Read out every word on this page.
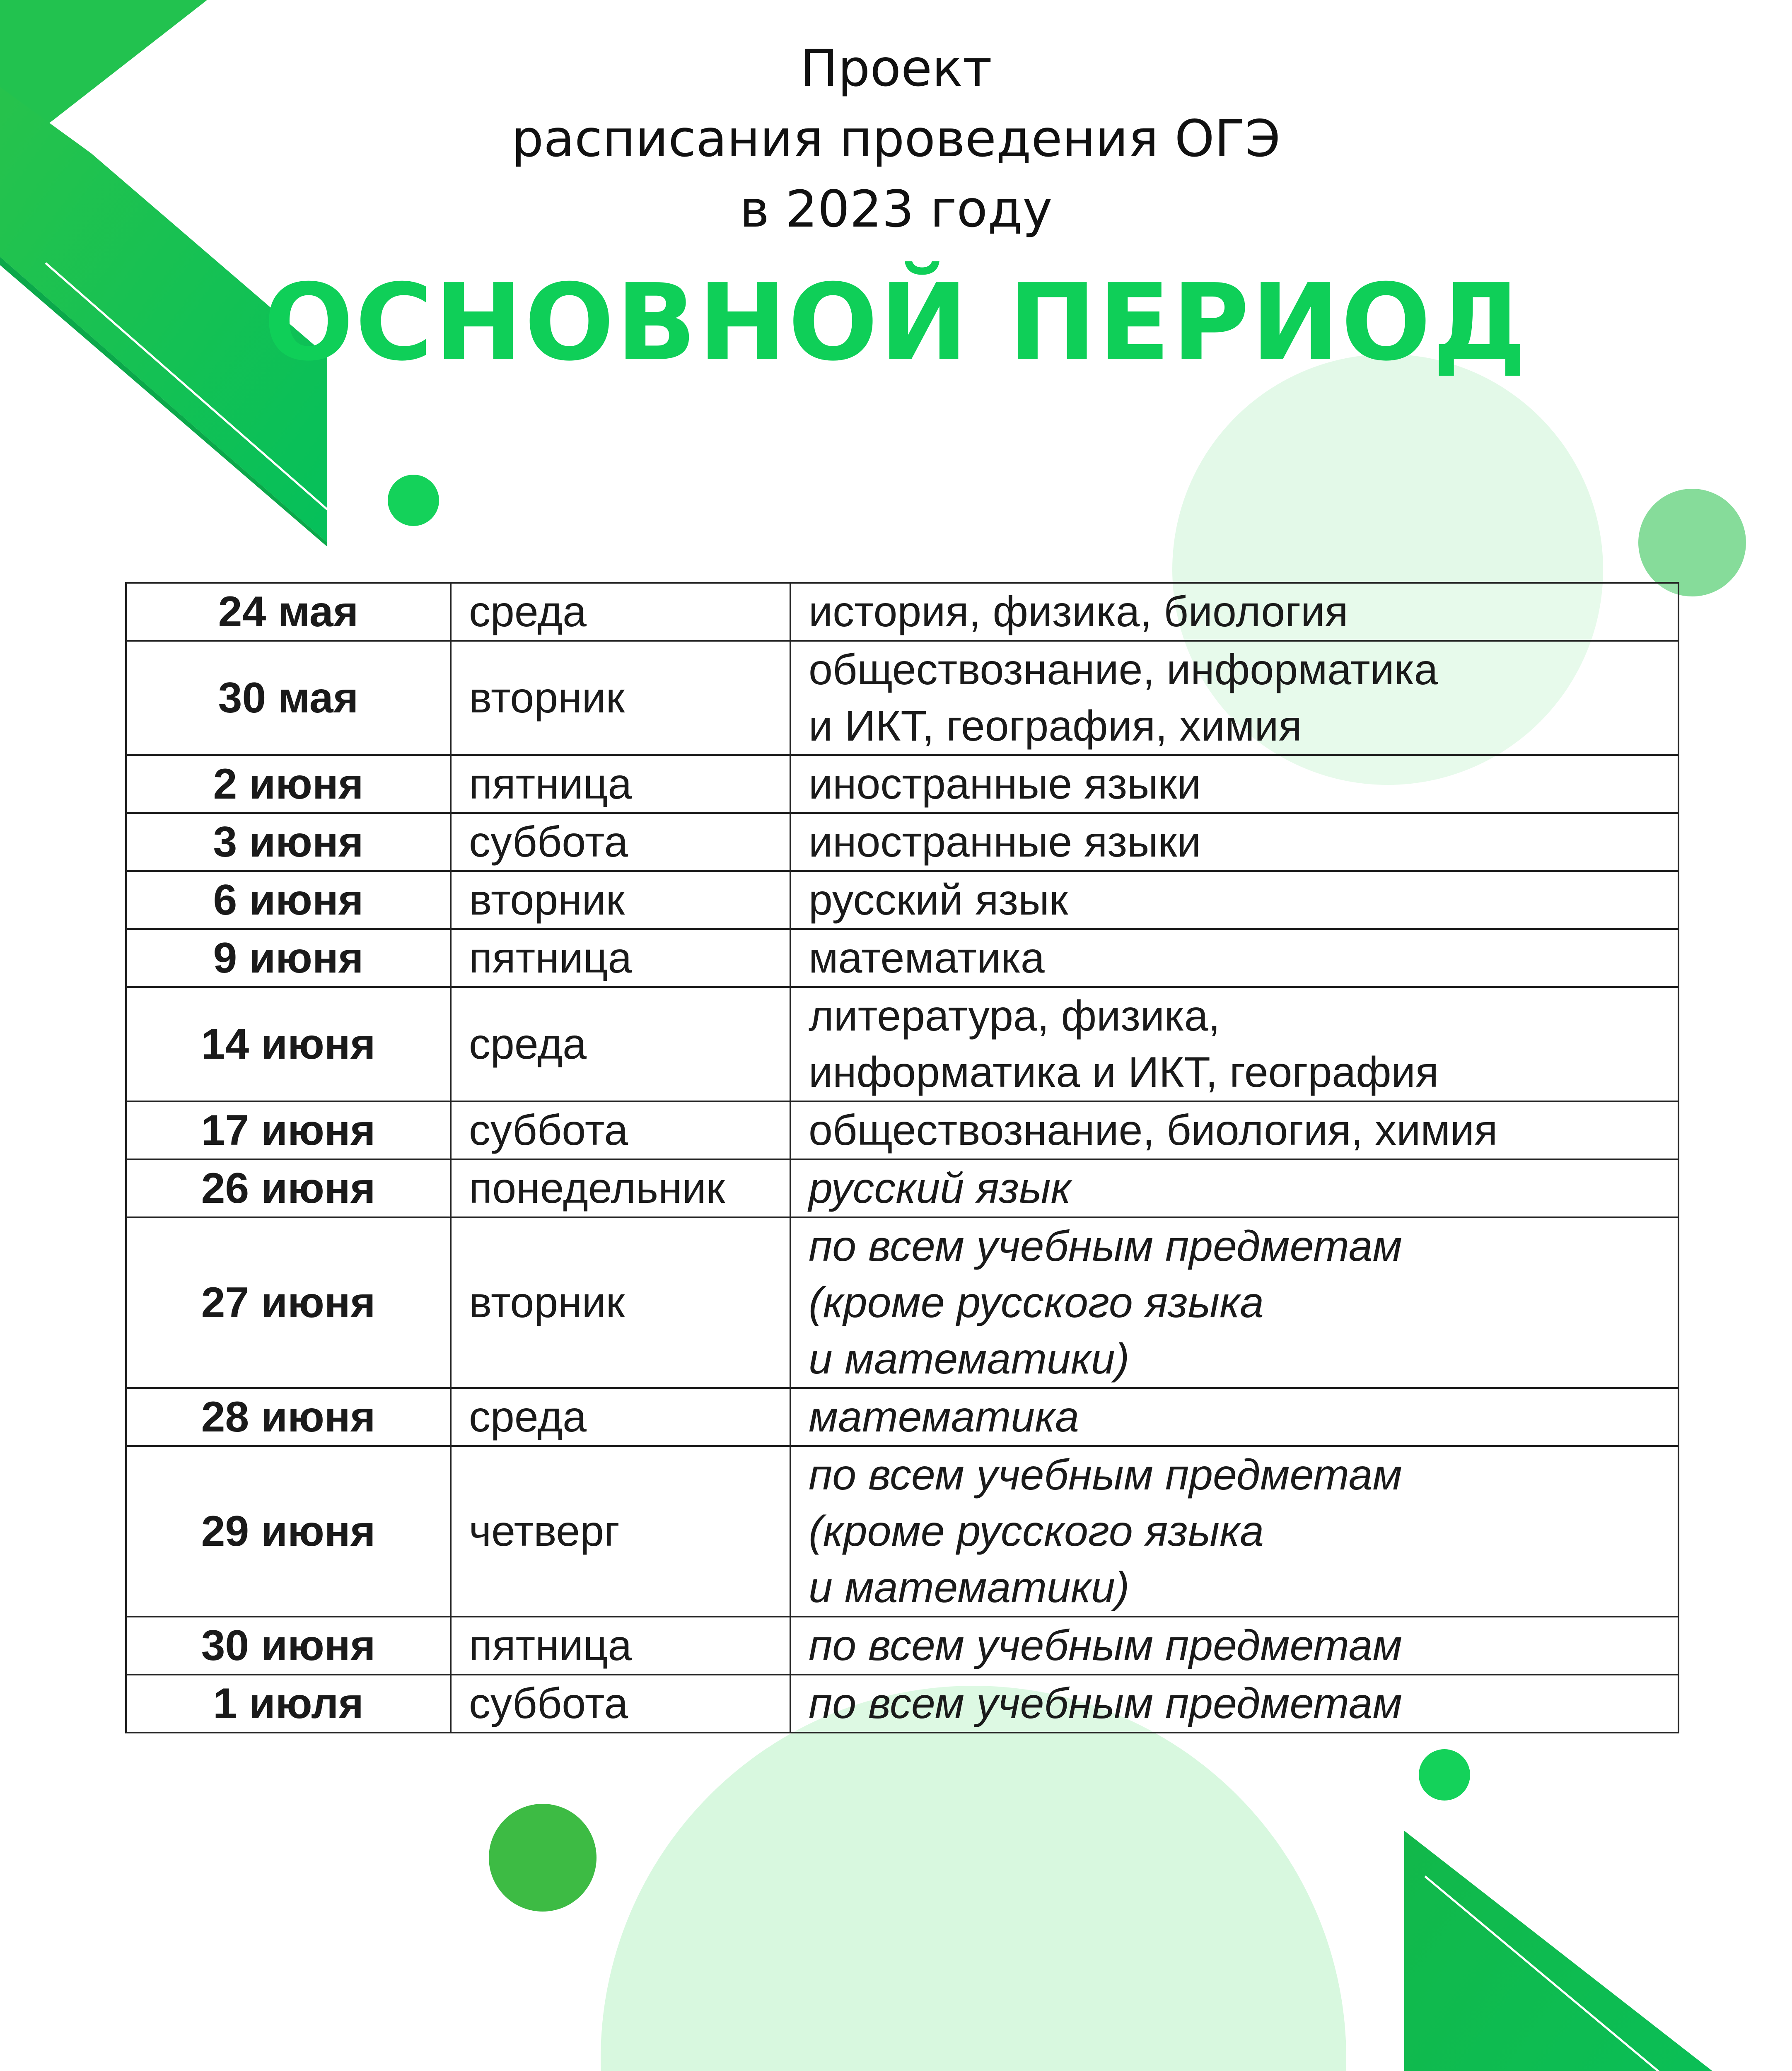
Проект
расписания проведения ОГЭ
в 2023 году
ОСНОВНОЙ ПЕРИОД
24 мая	среда	история, физика, биология

30 мая	вторник	обществознание, информатика
и ИКТ, география, химия

2 июня	пятница	иностранные языки

3 июня	суббота	иностранные языки

6 июня	вторник	русский язык

9 июня	пятница	математика

14 июня	среда	литература, физика,
информатика и ИКТ, география

17 июня	суббота	обществознание, биология, химия

26 июня	понедельник	русский язык

27 июня	вторник	по всем учебным предметам
(кроме русского языка
и математики)

28 июня	среда	математика

29 июня	четверг	по всем учебным предметам
(кроме русского языка
и математики)

30 июня	пятница	по всем учебным предметам

1 июля	суббота	по всем учебным предметам
